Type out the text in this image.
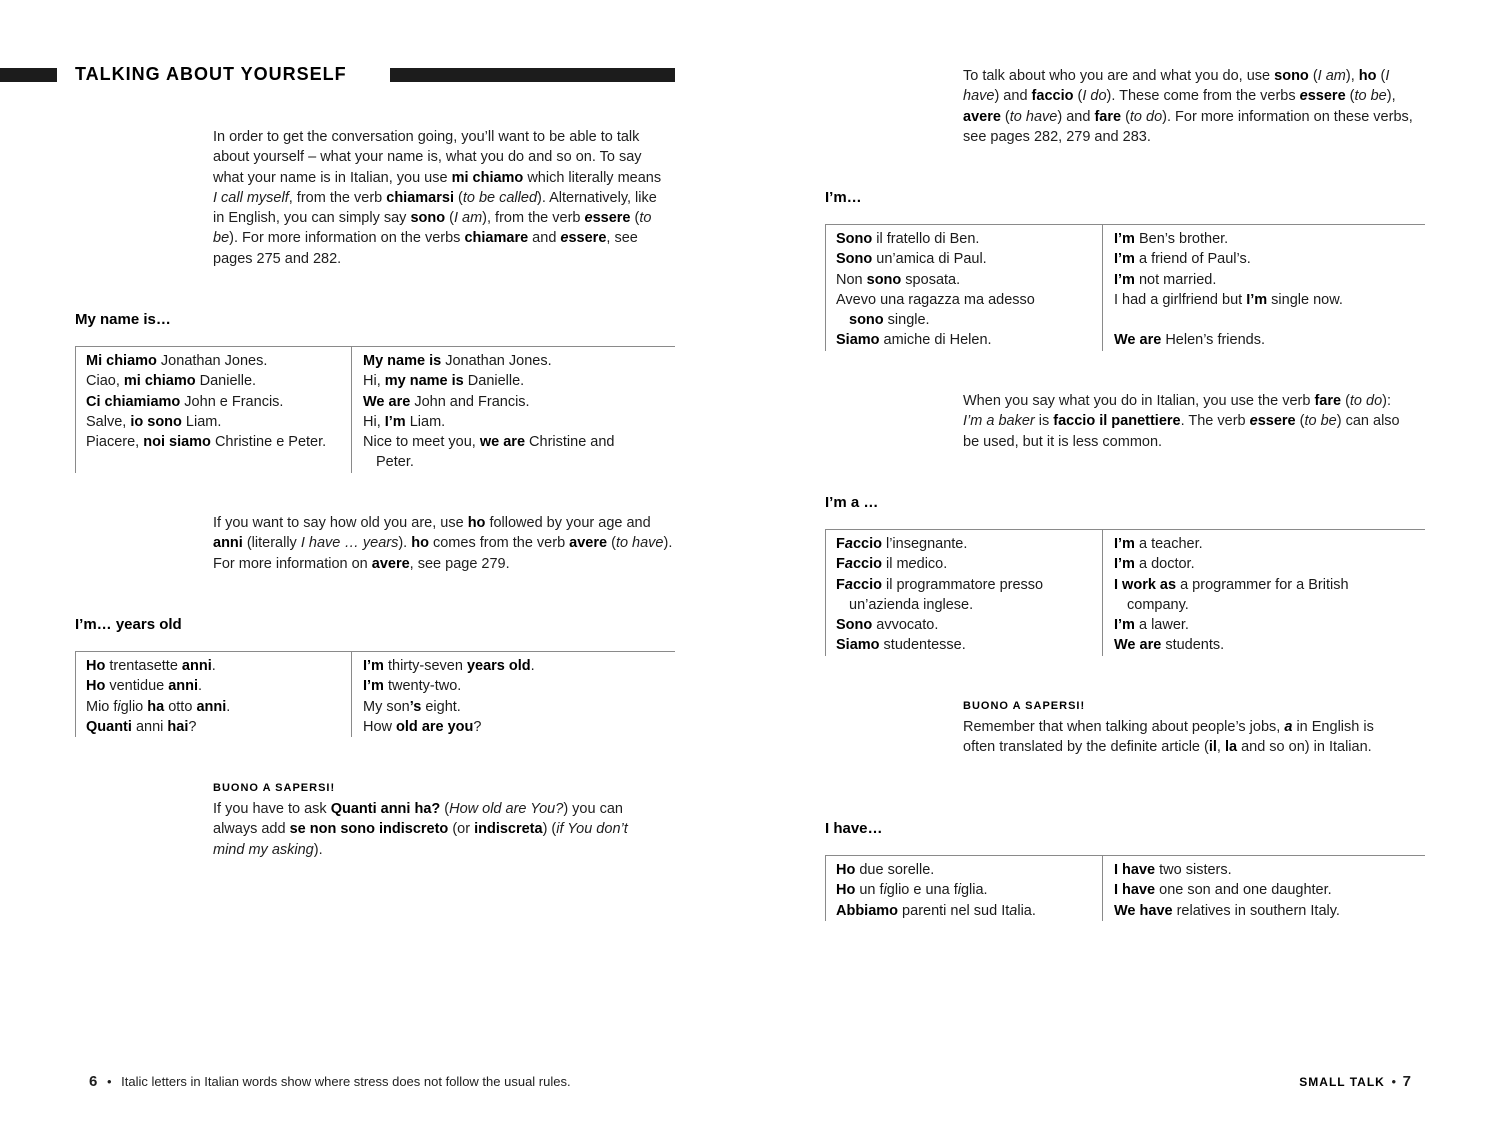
TALKING ABOUT YOURSELF
In order to get the conversation going, you’ll want to be able to talk about yourself – what your name is, what you do and so on. To say what your name is in Italian, you use mi chiamo which literally means I call myself, from the verb chiamarsi (to be called). Alternatively, like in English, you can simply say sono (I am), from the verb essere (to be). For more information on the verbs chiamare and essere, see pages 275 and 282.
My name is…
Mi chiamo Jonathan Jones.
Ciao, mi chiamo Danielle.
Ci chiamiamo John e Francis.
Salve, io sono Liam.
Piacere, noi siamo Christine e Peter.
My name is Jonathan Jones.
Hi, my name is Danielle.
We are John and Francis.
Hi, I’m Liam.
Nice to meet you, we are Christine and
Peter.
If you want to say how old you are, use ho followed by your age and anni (literally I have … years). ho comes from the verb avere (to have). For more information on avere, see page 279.
I’m… years old
Ho trentasette anni.
Ho ventidue anni.
Mio figlio ha otto anni.
Quanti anni hai?
I’m thirty-seven years old.
I’m twenty-two.
My son’s eight.
How old are you?
BUONO A SAPERSI!
If you have to ask Quanti anni ha? (How old are You?) you can always add se non sono indiscreto (or indiscreta) (if You don’t mind my asking).
6 • Italic letters in Italian words show where stress does not follow the usual rules.
To talk about who you are and what you do, use sono (I am), ho (I have) and faccio (I do). These come from the verbs essere (to be), avere (to have) and fare (to do). For more information on these verbs, see pages 282, 279 and 283.
I’m…
Sono il fratello di Ben.
Sono un’amica di Paul.
Non sono sposata.
Avevo una ragazza ma adesso
sono single.
Siamo amiche di Helen.
I’m Ben’s brother.
I’m a friend of Paul’s.
I’m not married.
I had a girlfriend but I’m single now.

We are Helen’s friends.
When you say what you do in Italian, you use the verb fare (to do): I’m a baker is faccio il panettiere. The verb essere (to be) can also be used, but it is less common.
I’m a …
Faccio l’insegnante.
Faccio il medico.
Faccio il programmatore presso
un’azienda inglese.
Sono avvocato.
Siamo studentesse.
I’m a teacher.
I’m a doctor.
I work as a programmer for a British
company.
I’m a lawer.
We are students.
BUONO A SAPERSI!
Remember that when talking about people’s jobs, a in English is often translated by the definite article (il, la and so on) in Italian.
I have…
Ho due sorelle.
Ho un figlio e una figlia.
Abbiamo parenti nel sud Italia.
I have two sisters.
I have one son and one daughter.
We have relatives in southern Italy.
SMALL TALK • 7
